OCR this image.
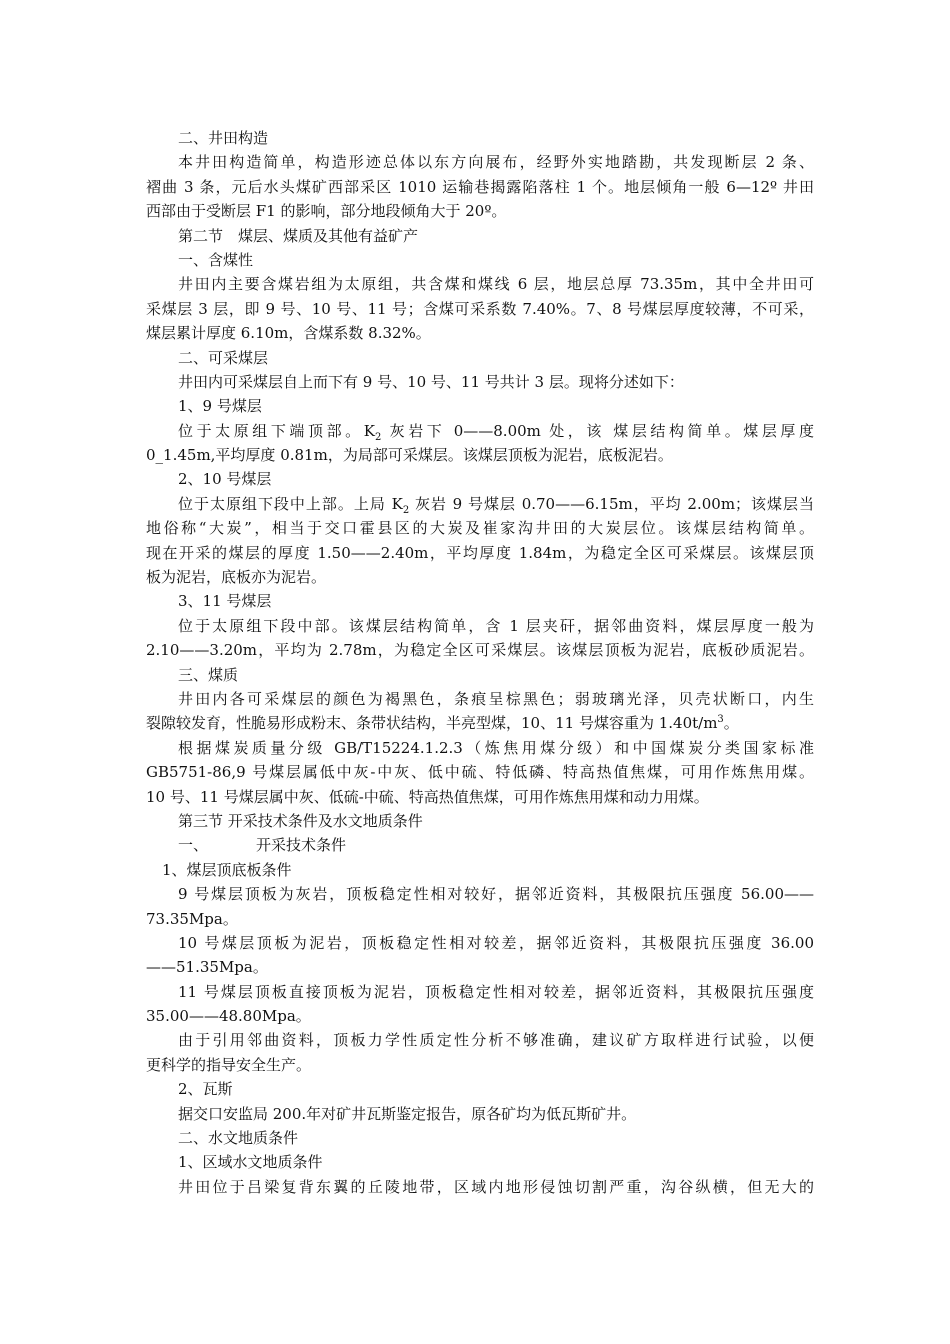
二、井田构造
本井田构造简单，构造形迹总体以东方向展布，经野外实地踏勘，共发现断层 2 条、
褶曲 3 条，元后水头煤矿西部采区 1010 运输巷揭露陷落柱 1 个。地层倾角一般 6—12º 井田
西部由于受断层 F1 的影响，部分地段倾角大于 20º。
第二节　煤层、煤质及其他有益矿产
一、含煤性
井田内主要含煤岩组为太原组，共含煤和煤线 6 层，地层总厚 73.35m，其中全井田可
采煤层 3 层，即 9 号、10 号、11 号；含煤可采系数 7.40%。7、8 号煤层厚度较薄，不可采，
煤层累计厚度 6.10m，含煤系数 8.32%。
二、可采煤层
井田内可采煤层自上而下有 9 号、10 号、11 号共计 3 层。现将分述如下：
1、9 号煤层
位于太原组下端顶部。$K_2$ 灰岩下 0——8.00m 处，该 煤层结构简单。煤层厚度
0_1.45m,平均厚度 0.81m，为局部可采煤层。该煤层顶板为泥岩，底板泥岩。
2、10 号煤层
位于太原组下段中上部。上局 $K_2$ 灰岩 9 号煤层 0.70——6.15m，平均 2.00m；该煤层当
地俗称“大炭”，相当于交口霍县区的大炭及崔家沟井田的大炭层位。该煤层结构简单。
现在开采的煤层的厚度 1.50——2.40m，平均厚度 1.84m，为稳定全区可采煤层。该煤层顶
板为泥岩，底板亦为泥岩。
3、11 号煤层
位于太原组下段中部。该煤层结构简单，含 1 层夹矸，据邻曲资料，煤层厚度一般为
2.10——3.20m，平均为 2.78m，为稳定全区可采煤层。该煤层顶板为泥岩，底板砂质泥岩。
三、煤质
井田内各可采煤层的颜色为褐黑色，条痕呈棕黑色；弱玻璃光泽，贝壳状断口，内生
裂隙较发育，性脆易形成粉末、条带状结构，半亮型煤，10、11 号煤容重为 $1.40t/m^3$。
根据煤炭质量分级 GB/T15224.1.2.3（炼焦用煤分级）和中国煤炭分类国家标准
GB5751-86,9 号煤层属低中灰-中灰、低中硫、特低磷、特高热值焦煤，可用作炼焦用煤。
10 号、11 号煤层属中灰、低硫-中硫、特高热值焦煤，可用作炼焦用煤和动力用煤。
第三节 开采技术条件及水文地质条件
一、	开采技术条件
1、煤层顶底板条件
9 号煤层顶板为灰岩，顶板稳定性相对较好，据邻近资料，其极限抗压强度 56.00——
73.35Mpa。
10 号煤层顶板为泥岩，顶板稳定性相对较差，据邻近资料，其极限抗压强度 36.00
——51.35Mpa。
11 号煤层顶板直接顶板为泥岩，顶板稳定性相对较差，据邻近资料，其极限抗压强度
35.00——48.80Mpa。
由于引用邻曲资料，顶板力学性质定性分析不够准确，建议矿方取样进行试验，以便
更科学的指导安全生产。
2、瓦斯
据交口安监局 200.年对矿井瓦斯鉴定报告，原各矿均为低瓦斯矿井。
二、水文地质条件
1、区域水文地质条件
井田位于吕梁复背东翼的丘陵地带，区域内地形侵蚀切割严重，沟谷纵横，但无大的
